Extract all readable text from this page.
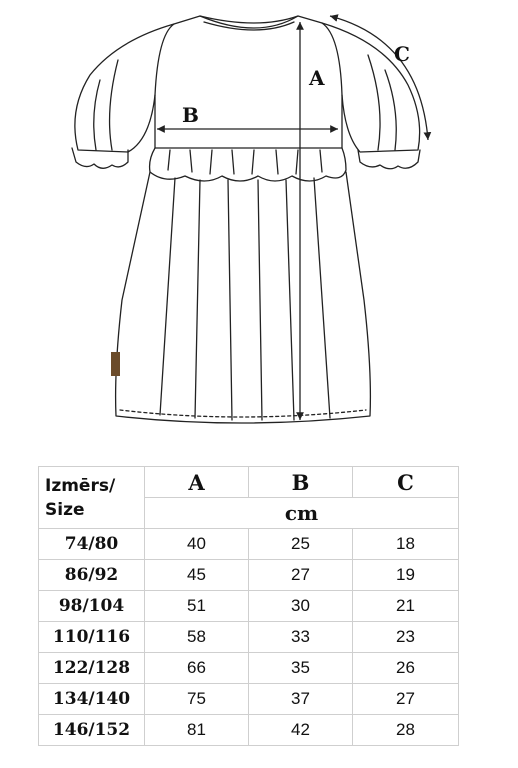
A
B
C
Izmērs/ Size	A	B	C
	cm		
74/80	40	25	18
86/92	45	27	19
98/104	51	30	21
110/116	58	33	23
122/128	66	35	26
134/140	75	37	27
146/152	81	42	28
